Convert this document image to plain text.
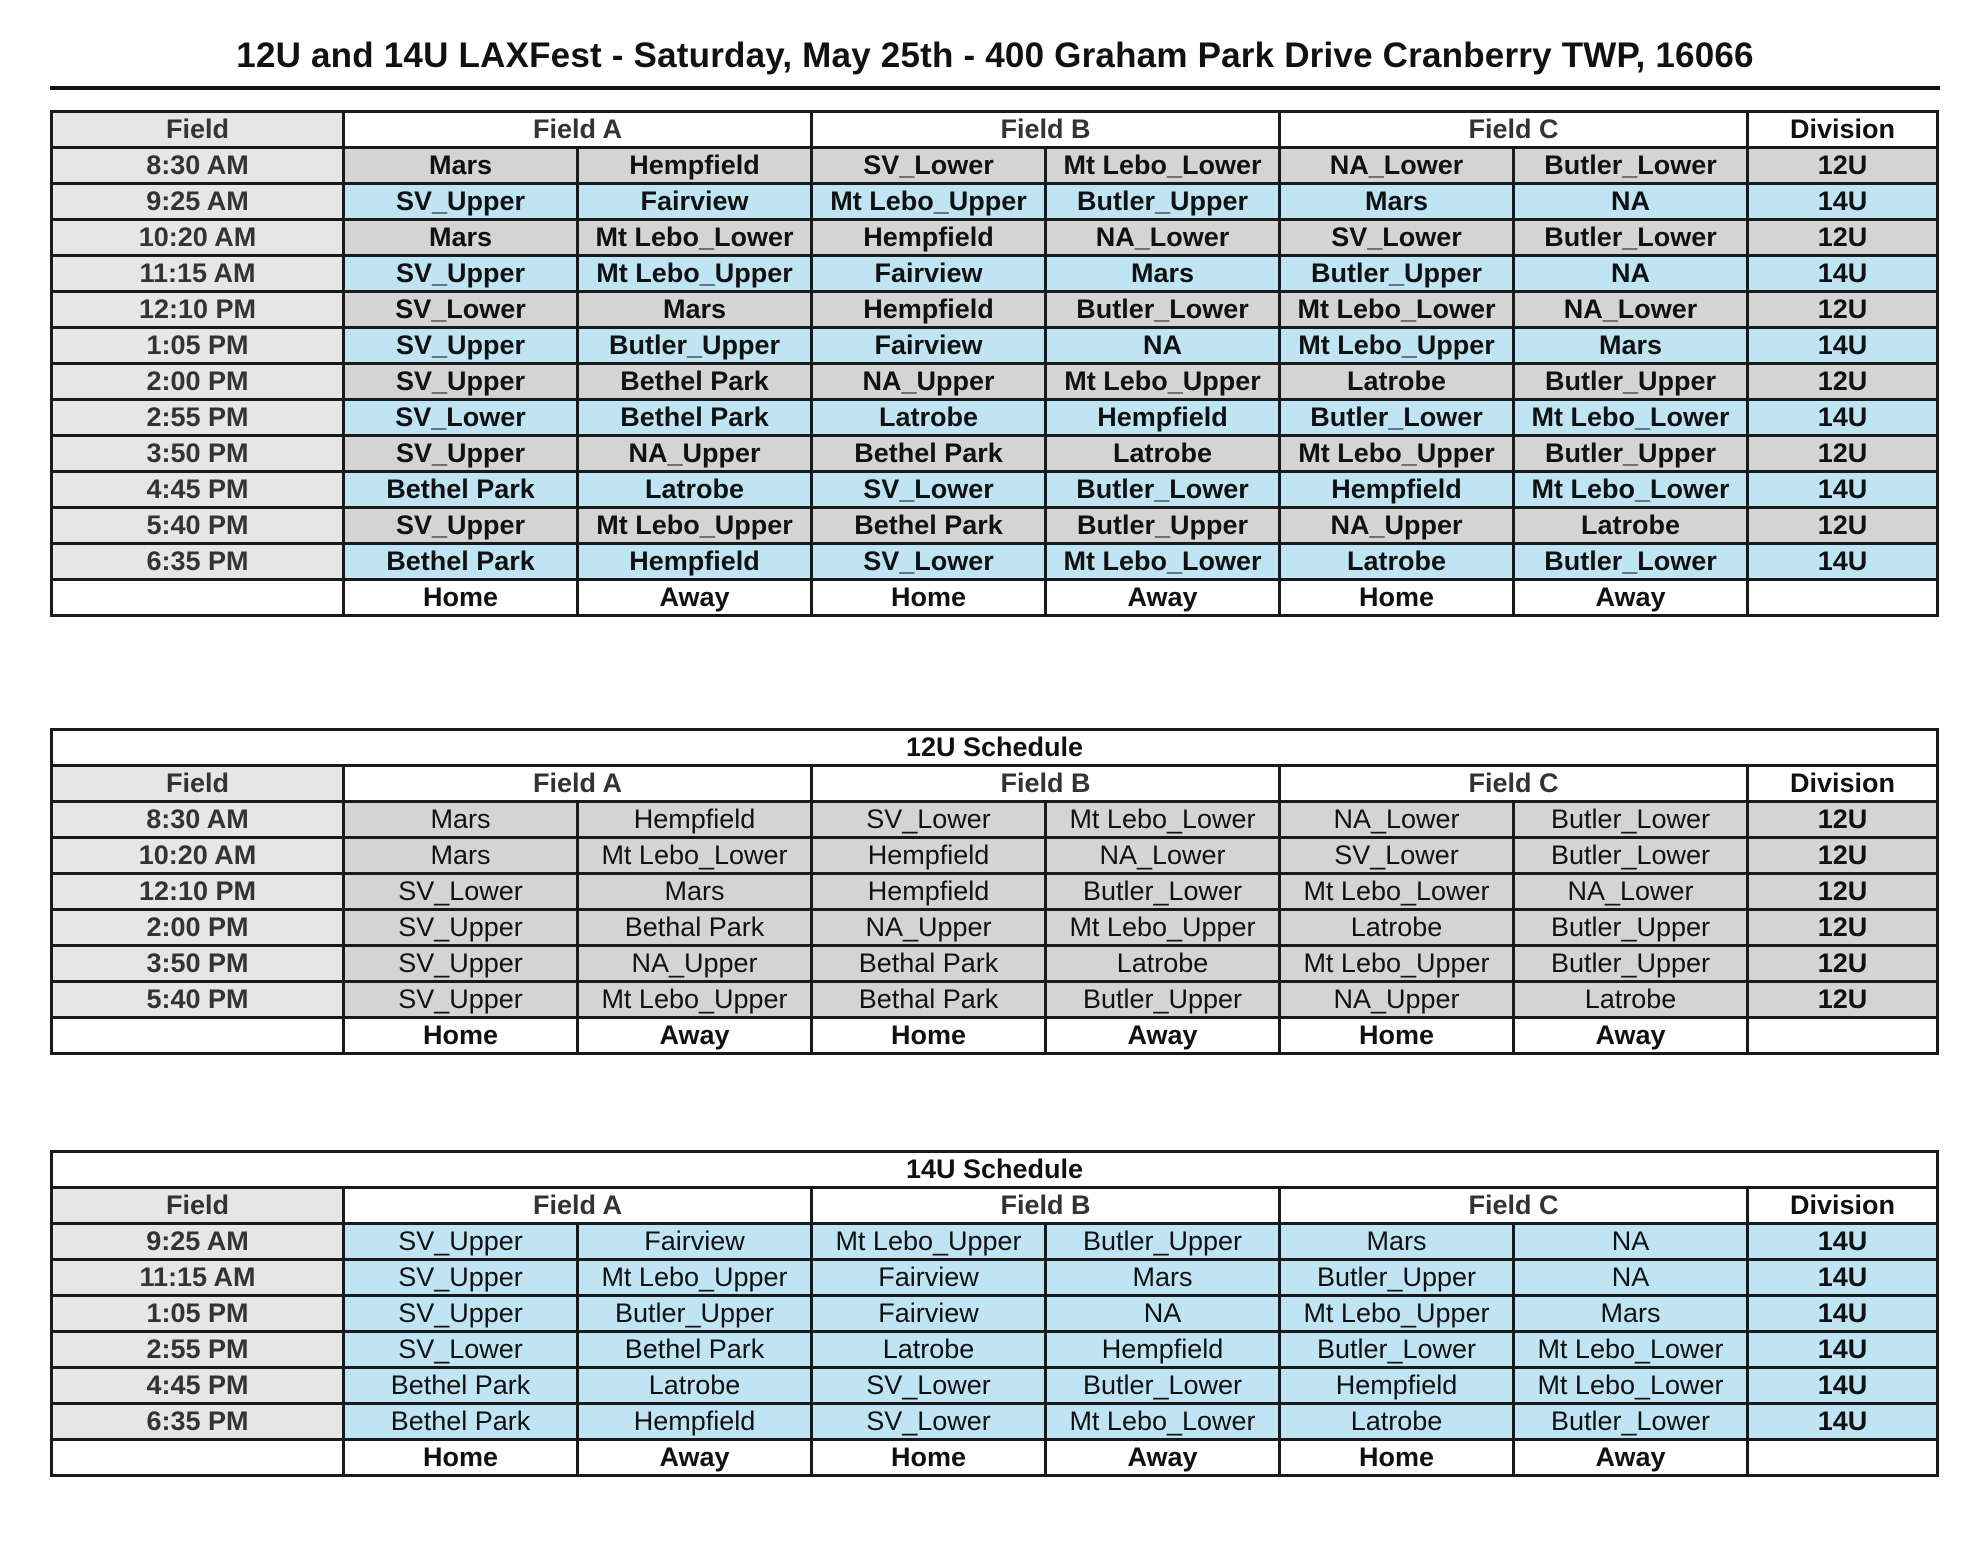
12U and 14U LAXFest - Saturday, May 25th - 400 Graham Park Drive Cranberry TWP, 16066
Field	Field A		Field B		Field C		Division
8:30 AM	Mars	Hempfield	SV_Lower	Mt Lebo_Lower	NA_Lower	Butler_Lower	12U
9:25 AM	SV_Upper	Fairview	Mt Lebo_Upper	Butler_Upper	Mars	NA	14U
10:20 AM	Mars	Mt Lebo_Lower	Hempfield	NA_Lower	SV_Lower	Butler_Lower	12U
11:15 AM	SV_Upper	Mt Lebo_Upper	Fairview	Mars	Butler_Upper	NA	14U
12:10 PM	SV_Lower	Mars	Hempfield	Butler_Lower	Mt Lebo_Lower	NA_Lower	12U
1:05 PM	SV_Upper	Butler_Upper	Fairview	NA	Mt Lebo_Upper	Mars	14U
2:00 PM	SV_Upper	Bethel Park	NA_Upper	Mt Lebo_Upper	Latrobe	Butler_Upper	12U
2:55 PM	SV_Lower	Bethel Park	Latrobe	Hempfield	Butler_Lower	Mt Lebo_Lower	14U
3:50 PM	SV_Upper	NA_Upper	Bethel Park	Latrobe	Mt Lebo_Upper	Butler_Upper	12U
4:45 PM	Bethel Park	Latrobe	SV_Lower	Butler_Lower	Hempfield	Mt Lebo_Lower	14U
5:40 PM	SV_Upper	Mt Lebo_Upper	Bethel Park	Butler_Upper	NA_Upper	Latrobe	12U
6:35 PM	Bethel Park	Hempfield	SV_Lower	Mt Lebo_Lower	Latrobe	Butler_Lower	14U
	Home	Away	Home	Away	Home	Away	
12U Schedule							
Field	Field A		Field B		Field C		Division
8:30 AM	Mars	Hempfield	SV_Lower	Mt Lebo_Lower	NA_Lower	Butler_Lower	12U
10:20 AM	Mars	Mt Lebo_Lower	Hempfield	NA_Lower	SV_Lower	Butler_Lower	12U
12:10 PM	SV_Lower	Mars	Hempfield	Butler_Lower	Mt Lebo_Lower	NA_Lower	12U
2:00 PM	SV_Upper	Bethal Park	NA_Upper	Mt Lebo_Upper	Latrobe	Butler_Upper	12U
3:50 PM	SV_Upper	NA_Upper	Bethal Park	Latrobe	Mt Lebo_Upper	Butler_Upper	12U
5:40 PM	SV_Upper	Mt Lebo_Upper	Bethal Park	Butler_Upper	NA_Upper	Latrobe	12U
	Home	Away	Home	Away	Home	Away	
14U Schedule							
Field	Field A		Field B		Field C		Division
9:25 AM	SV_Upper	Fairview	Mt Lebo_Upper	Butler_Upper	Mars	NA	14U
11:15 AM	SV_Upper	Mt Lebo_Upper	Fairview	Mars	Butler_Upper	NA	14U
1:05 PM	SV_Upper	Butler_Upper	Fairview	NA	Mt Lebo_Upper	Mars	14U
2:55 PM	SV_Lower	Bethel Park	Latrobe	Hempfield	Butler_Lower	Mt Lebo_Lower	14U
4:45 PM	Bethel Park	Latrobe	SV_Lower	Butler_Lower	Hempfield	Mt Lebo_Lower	14U
6:35 PM	Bethel Park	Hempfield	SV_Lower	Mt Lebo_Lower	Latrobe	Butler_Lower	14U
	Home	Away	Home	Away	Home	Away	
